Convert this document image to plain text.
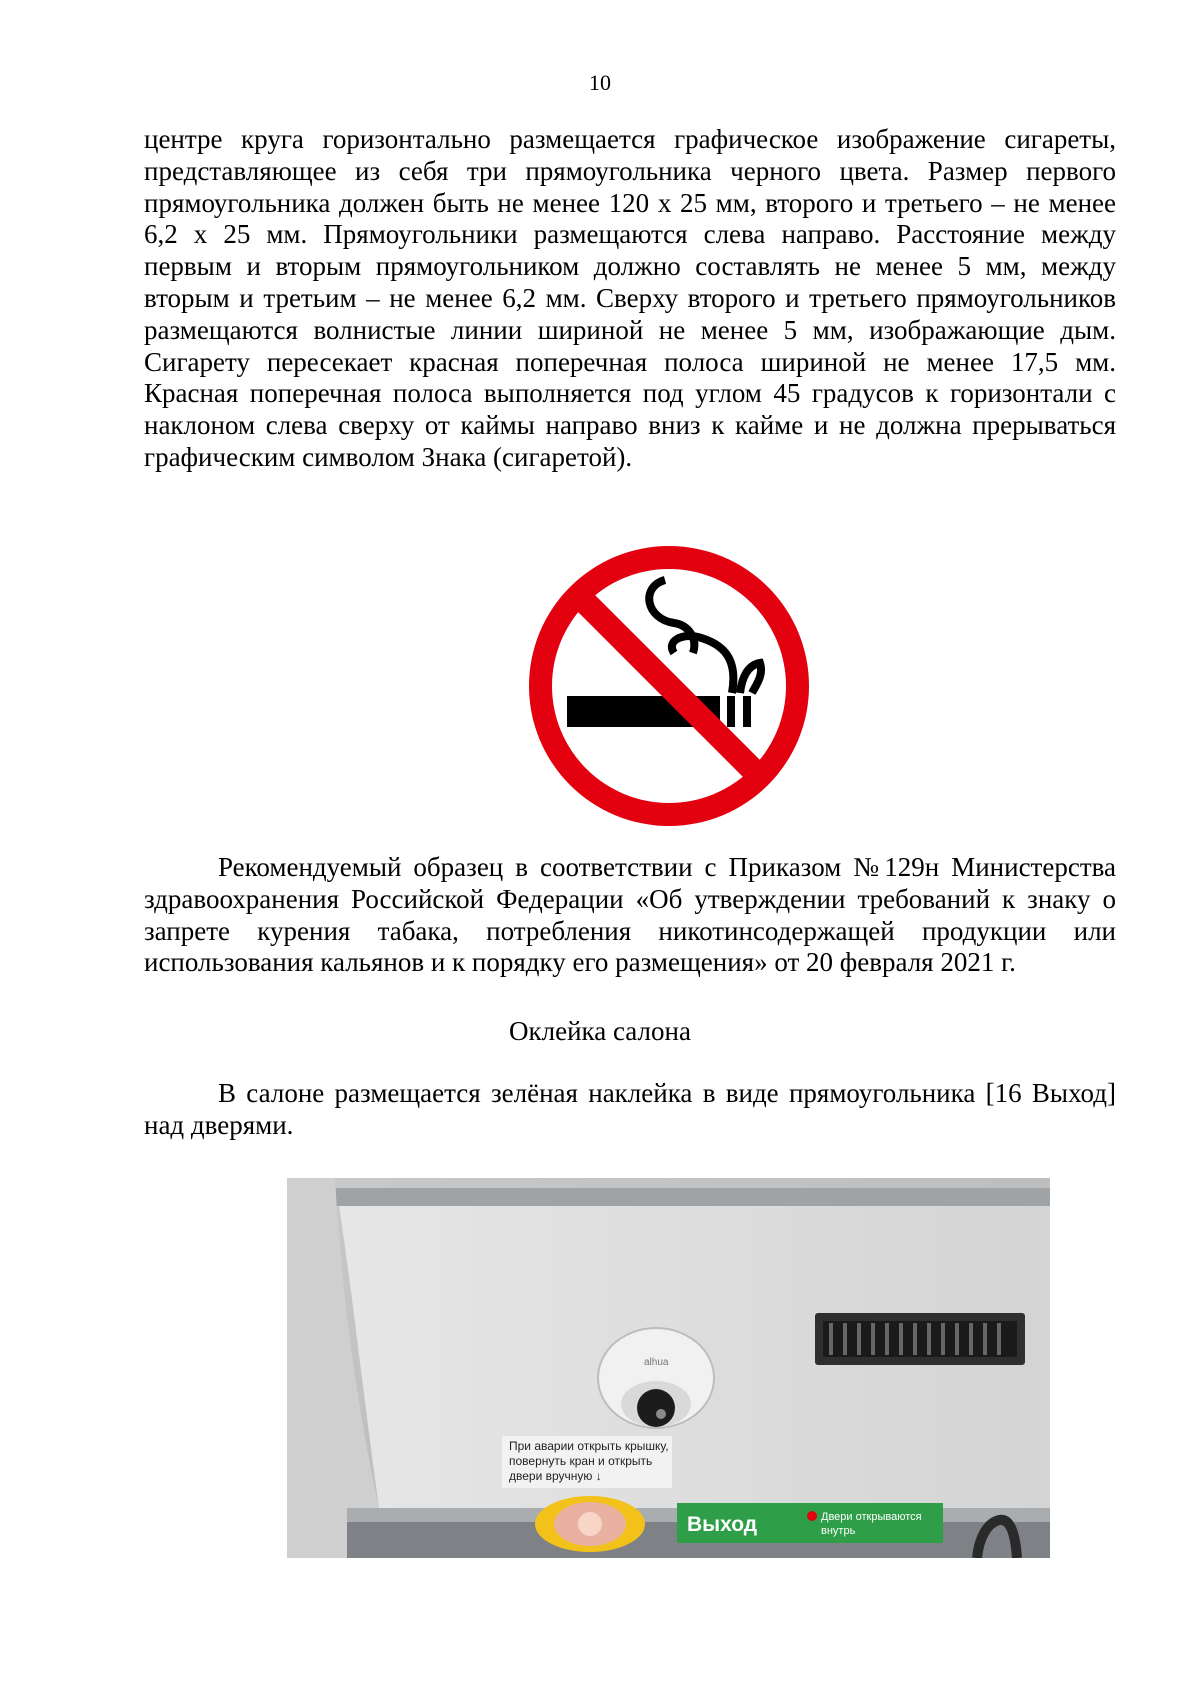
10

центре круга горизонтально размещается графическое изображение сигареты, представляющее из себя три прямоугольника черного цвета. Размер первого прямоугольника должен быть не менее 120 х 25 мм, второго и третьего – не менее 6,2 х 25 мм. Прямоугольники размещаются слева направо. Расстояние между первым и вторым прямоугольником должно составлять не менее 5 мм, между вторым и третьим – не менее 6,2 мм. Сверху второго и третьего прямоугольников размещаются волнистые линии шириной не менее 5 мм, изображающие дым. Сигарету пересекает красная поперечная полоса шириной не менее 17,5 мм. Красная поперечная полоса выполняется под углом 45 градусов к горизонтали с наклоном слева сверху от каймы направо вниз к кайме и не должна прерываться графическим символом Знака (сигаретой).

Рекомендуемый образец в соответствии с Приказом №129н Министерства здравоохранения Российской Федерации «Об утверждении требований к знаку о запрете курения табака, потребления никотинсодержащей продукции или использования кальянов и к порядку его размещения» от 20 февраля 2021 г.

Оклейка салона

В салоне размещается зелёная наклейка в виде прямоугольника [16 Выход] над дверями.

alhua
При аварии открыть крышку, повернуть кран и открыть двери вручную ↓
Выход	Двери открываются внутрь
